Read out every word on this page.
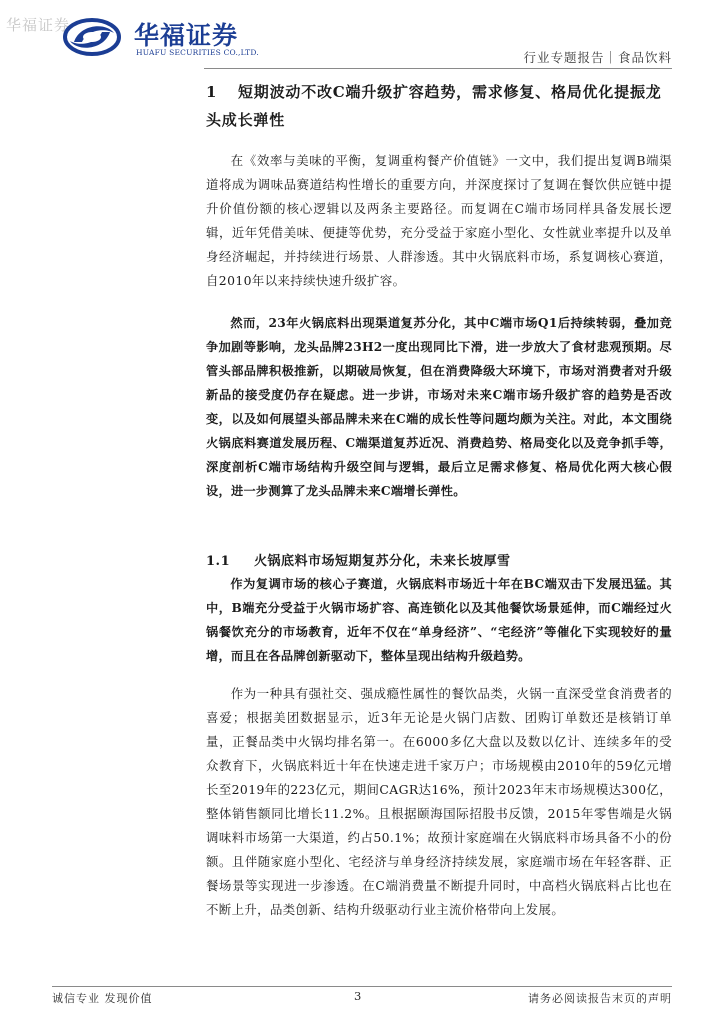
华福证券	华福证券
HUAFU SECURITIES CO.,LTD.	行业专题报告｜食品饮料
1 短期波动不改C端升级扩容趋势，需求修复、格局优化提振龙头成长弹性

在《效率与美味的平衡，复调重构餐产价值链》一文中，我们提出复调B端渠道将成为调味品赛道结构性增长的重要方向，并深度探讨了复调在餐饮供应链中提升价值份额的核心逻辑以及两条主要路径。而复调在C端市场同样具备发展长逻辑，近年凭借美味、便捷等优势，充分受益于家庭小型化、女性就业率提升以及单身经济崛起，并持续进行场景、人群渗透。其中火锅底料市场，系复调核心赛道，自2010年以来持续快速升级扩容。

然而，23年火锅底料出现渠道复苏分化，其中C端市场Q1后持续转弱，叠加竞争加剧等影响，龙头品牌23H2一度出现同比下滑，进一步放大了食材悲观预期。尽管头部品牌积极推新，以期破局恢复，但在消费降级大环境下，市场对消费者对升级新品的接受度仍存在疑虑。进一步讲，市场对未来C端市场升级扩容的趋势是否改变，以及如何展望头部品牌未来在C端的成长性等问题均颇为关注。对此，本文围绕火锅底料赛道发展历程、C端渠道复苏近况、消费趋势、格局变化以及竞争抓手等，深度剖析C端市场结构升级空间与逻辑，最后立足需求修复、格局优化两大核心假设，进一步测算了龙头品牌未来C端增长弹性。

1.1 火锅底料市场短期复苏分化，未来长坡厚雪

作为复调市场的核心子赛道，火锅底料市场近十年在BC端双击下发展迅猛。其中，B端充分受益于火锅市场扩容、高连锁化以及其他餐饮场景延伸，而C端经过火锅餐饮充分的市场教育，近年不仅在“单身经济”、“宅经济”等催化下实现较好的量增，而且在各品牌创新驱动下，整体呈现出结构升级趋势。

作为一种具有强社交、强成瘾性属性的餐饮品类，火锅一直深受堂食消费者的喜爱；根据美团数据显示，近3年无论是火锅门店数、团购订单数还是核销订单量，正餐品类中火锅均排名第一。在6000多亿大盘以及数以亿计、连续多年的受众教育下，火锅底料近十年在快速走进千家万户；市场规模由2010年的59亿元增长至2019年的223亿元，期间CAGR达16%，预计2023年末市场规模达300亿，整体销售额同比增长11.2%。且根据颐海国际招股书反馈，2015年零售端是火锅调味料市场第一大渠道，约占50.1%；故预计家庭端在火锅底料市场具备不小的份额。且伴随家庭小型化、宅经济与单身经济持续发展，家庭端市场在年轻客群、正餐场景等实现进一步渗透。在C端消费量不断提升同时，中高档火锅底料占比也在不断上升，品类创新、结构升级驱动行业主流价格带向上发展。

诚信专业 发现价值	3	请务必阅读报告末页的声明
